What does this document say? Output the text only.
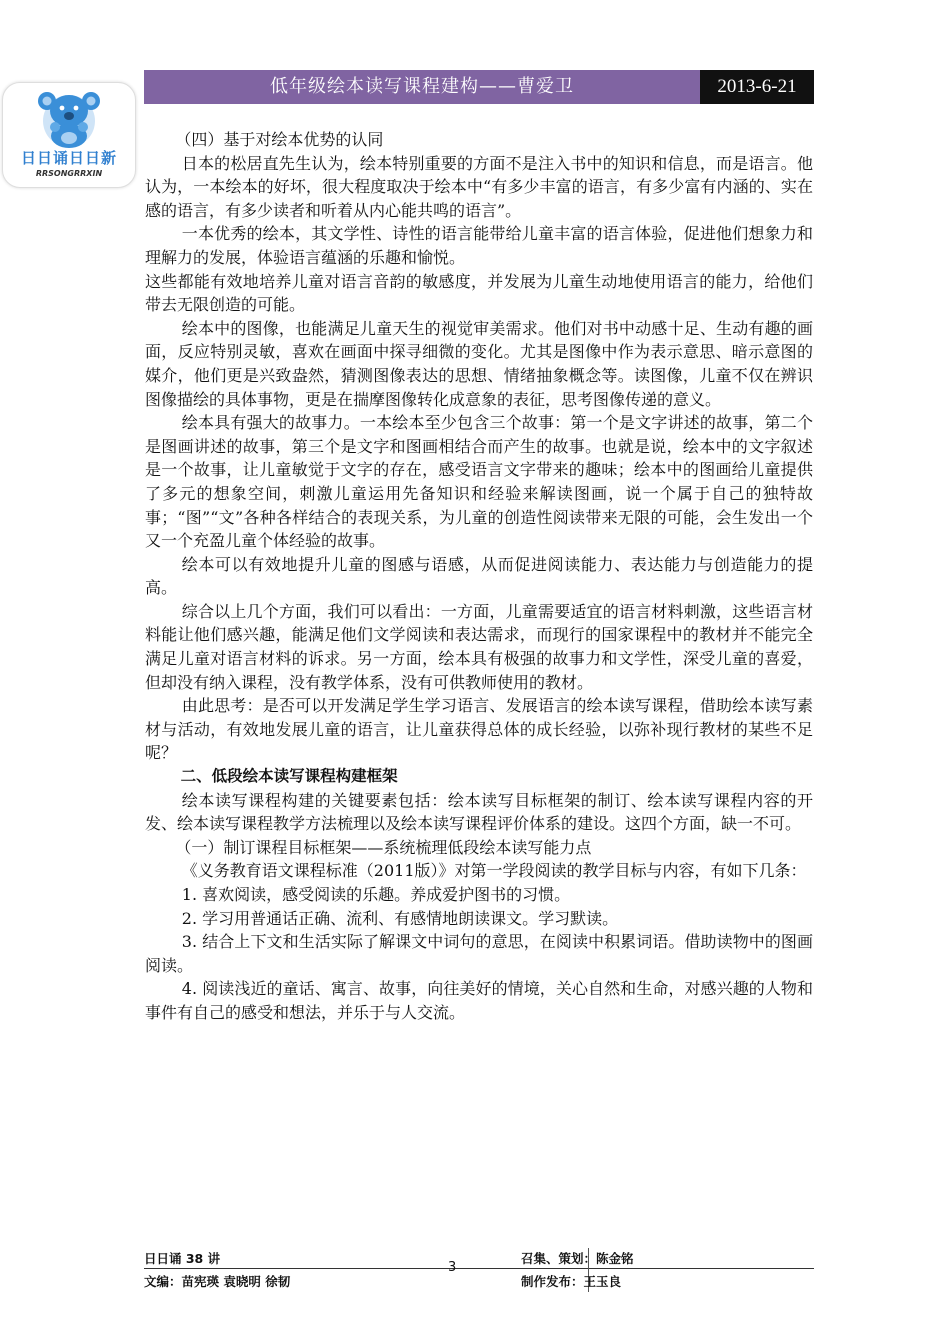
日日诵日日新
RRSONGRRXIN
低年级绘本读写课程建构——曹爱卫	2013-6-21

（四）基于对绘本优势的认同

日本的松居直先生认为，绘本特别重要的方面不是注入书中的知识和信息，而是语言。他认为，一本绘本的好坏，很大程度取决于绘本中“有多少丰富的语言，有多少富有内涵的、实在感的语言，有多少读者和听着从内心能共鸣的语言”。

一本优秀的绘本，其文学性、诗性的语言能带给儿童丰富的语言体验，促进他们想象力和理解力的发展，体验语言蕴涵的乐趣和愉悦。

这些都能有效地培养儿童对语言音韵的敏感度，并发展为儿童生动地使用语言的能力，给他们带去无限创造的可能。

绘本中的图像，也能满足儿童天生的视觉审美需求。他们对书中动感十足、生动有趣的画面，反应特别灵敏，喜欢在画面中探寻细微的变化。尤其是图像中作为表示意思、暗示意图的媒介，他们更是兴致盎然，猜测图像表达的思想、情绪抽象概念等。读图像，儿童不仅在辨识图像描绘的具体事物，更是在揣摩图像转化成意象的表征，思考图像传递的意义。

绘本具有强大的故事力。一本绘本至少包含三个故事：第一个是文字讲述的故事，第二个是图画讲述的故事，第三个是文字和图画相结合而产生的故事。也就是说，绘本中的文字叙述是一个故事，让儿童敏觉于文字的存在，感受语言文字带来的趣味；绘本中的图画给儿童提供了多元的想象空间，刺激儿童运用先备知识和经验来解读图画，说一个属于自己的独特故事；“图”“文”各种各样结合的表现关系，为儿童的创造性阅读带来无限的可能，会生发出一个又一个充盈儿童个体经验的故事。

绘本可以有效地提升儿童的图感与语感，从而促进阅读能力、表达能力与创造能力的提高。

综合以上几个方面，我们可以看出：一方面，儿童需要适宜的语言材料刺激，这些语言材料能让他们感兴趣，能满足他们文学阅读和表达需求，而现行的国家课程中的教材并不能完全满足儿童对语言材料的诉求。另一方面，绘本具有极强的故事力和文学性，深受儿童的喜爱，但却没有纳入课程，没有教学体系，没有可供教师使用的教材。

由此思考：是否可以开发满足学生学习语言、发展语言的绘本读写课程，借助绘本读写素材与活动，有效地发展儿童的语言，让儿童获得总体的成长经验，以弥补现行教材的某些不足呢？

二、低段绘本读写课程构建框架

绘本读写课程构建的关键要素包括：绘本读写目标框架的制订、绘本读写课程内容的开发、绘本读写课程教学方法梳理以及绘本读写课程评价体系的建设。这四个方面，缺一不可。

（一）制订课程目标框架——系统梳理低段绘本读写能力点

《义务教育语文课程标准（2011版）》对第一学段阅读的教学目标与内容，有如下几条：

1. 喜欢阅读，感受阅读的乐趣。养成爱护图书的习惯。

2. 学习用普通话正确、流利、有感情地朗读课文。学习默读。

3. 结合上下文和生活实际了解课文中词句的意思，在阅读中积累词语。借助读物中的图画阅读。

4. 阅读浅近的童话、寓言、故事，向往美好的情境，关心自然和生命，对感兴趣的人物和事件有自己的感受和想法，并乐于与人交流。

日日诵 38 讲
文编：苗宪瑛 袁晓明 徐韧
召集、策划：陈金铭
制作发布：王玉良
3
